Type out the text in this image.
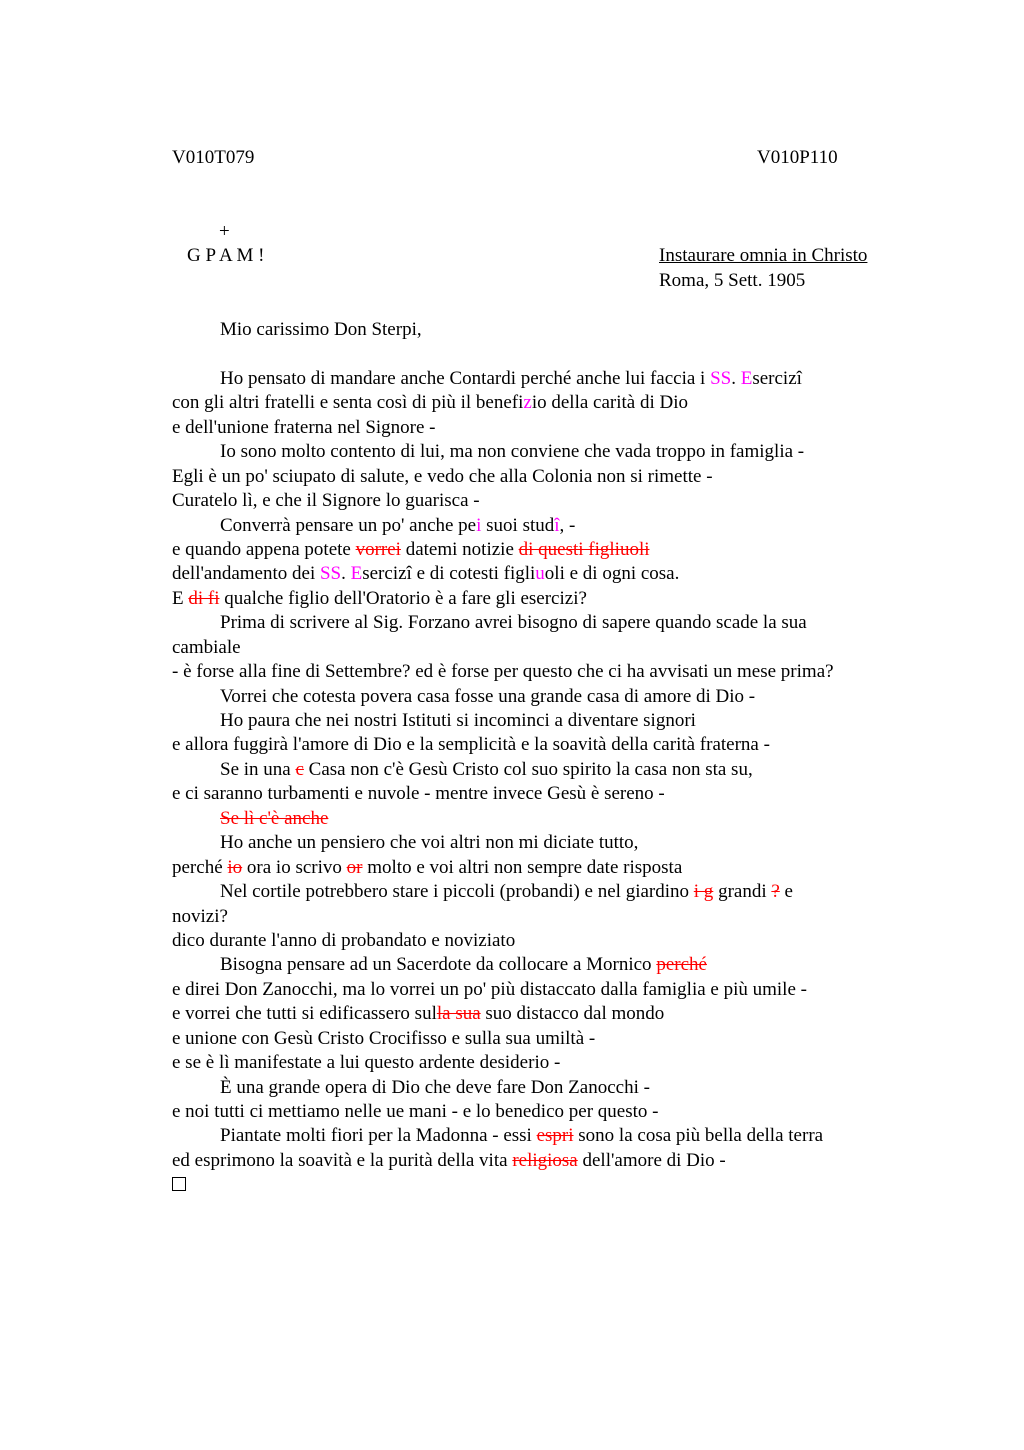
V010T079	V010P110
+
G P A M !	Instaurare omnia in Christo
Roma, 5 Sett. 1905
Mio carissimo Don Sterpi,
Ho pensato di mandare anche Contardi perché anche lui faccia i SS. Esercizi
con gli altri fratelli e senta così di più il benefizio della carità di Dio
e dell'unione fraterna nel Signore -
Io sono molto contento di lui, ma non conviene che vada troppo in famiglia -
Egli è un po' sciupato di salute, e vedo che alla Colonia non si rimette -
Curatelo lì, e che il Signore lo guarisca -
Converrà pensare un po' anche pei suoi studî, -
e quando appena potete vorrei datemi notizie di questi figliuoli
dell'andamento dei SS. Esercizi e di cotesti figliuoli e di ogni cosa.
E di fi qualche figlio dell'Oratorio è a fare gli esercizi?
Prima di scrivere al Sig. Forzano avrei bisogno di sapere quando scade la sua
cambiale
- è forse alla fine di Settembre? ed è forse per questo che ci ha avvisati un mese prima?
Vorrei che cotesta povera casa fosse una grande casa di amore di Dio -
Ho paura che nei nostri Istituti si incominci a diventare signori
e allora fuggirà l'amore di Dio e la semplicità e la soavità della carità fraterna -
Se in una c Casa non c'è Gesù Cristo col suo spirito la casa non sta su,
e ci saranno turbamenti e nuvole - mentre invece Gesù è sereno -
Se lì c'è anche
Ho anche un pensiero che voi altri non mi diciate tutto,
perché io ora io scrivo or molto e voi altri non sempre date risposta
Nel cortile potrebbero stare i piccoli (probandi) e nel giardino i g grandi ? e
novizi?
dico durante l'anno di probandato e noviziato
Bisogna pensare ad un Sacerdote da collocare a Mornico perché
e direi Don Zanocchi, ma lo vorrei un po' più distaccato dalla famiglia e più umile -
e vorrei che tutti si edificassero sulla sua suo distacco dal mondo
e unione con Gesù Cristo Crocifisso e sulla sua umiltà -
e se è lì manifestate a lui questo ardente desiderio -
È una grande opera di Dio che deve fare Don Zanocchi -
e noi tutti ci mettiamo nelle ue mani - e lo benedico per questo -
Piantate molti fiori per la Madonna - essi espri sono la cosa più bella della terra
ed esprimono la soavità e la purità della vita religiosa dell'amore di Dio -
